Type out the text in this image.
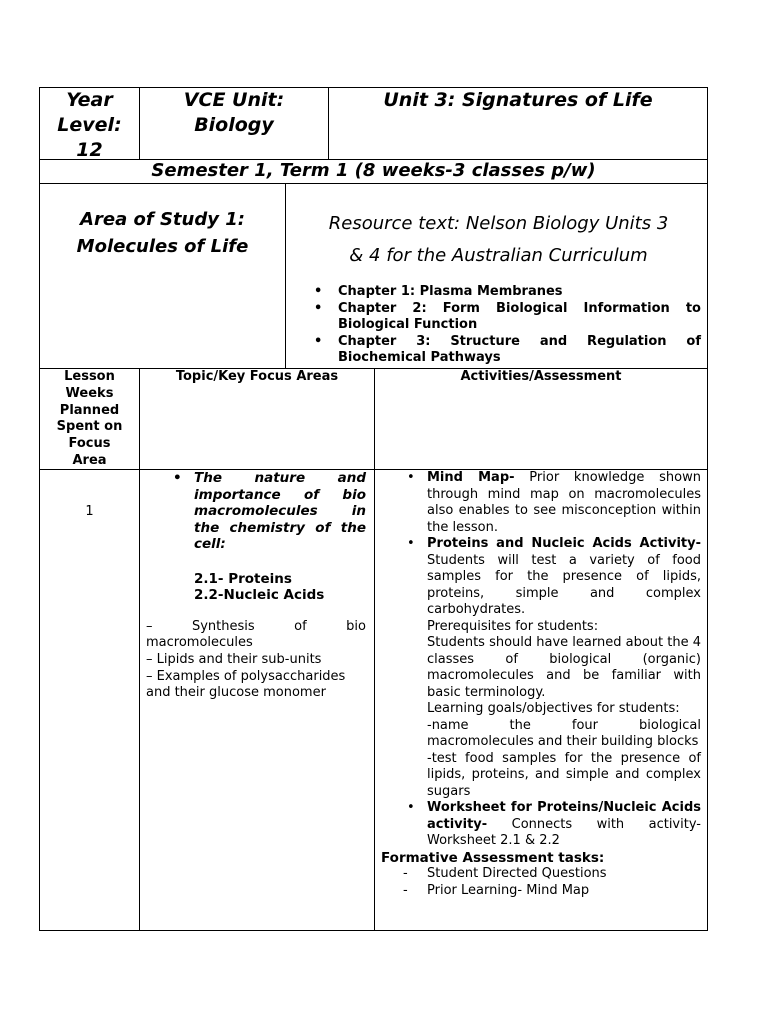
Year
Level:
12
VCE Unit:
Biology
Unit 3: Signatures of Life
Semester 1, Term 1 (8 weeks-3 classes p/w)
Area of Study 1:
Molecules of Life
Resource text: Nelson Biology Units 3
& 4 for the Australian Curriculum
• Chapter 1: Plasma Membranes
• Chapter 2: Form Biological Information to Biological Function
• Chapter 3: Structure and Regulation of Biochemical Pathways
Lesson
Weeks
Planned
Spent on
Focus
Area
Topic/Key Focus Areas	Activities/Assessment
1
• The nature and importance of bio macromolecules in the chemistry of the cell:
2.1- Proteins
2.2-Nucleic Acids
– Synthesis of bio macromolecules
– Lipids and their sub-units
– Examples of polysaccharides and their glucose monomer
• Mind Map- Prior knowledge shown through mind map on macromolecules also enables to see misconception within the lesson.
• Proteins and Nucleic Acids Activity- Students will test a variety of food samples for the presence of lipids, proteins, simple and complex carbohydrates.
Prerequisites for students:
Students should have learned about the 4 classes of biological (organic) macromolecules and be familiar with basic terminology.
Learning goals/objectives for students:
-name the four biological macromolecules and their building blocks
-test food samples for the presence of lipids, proteins, and simple and complex sugars
• Worksheet for Proteins/Nucleic Acids activity- Connects with activity- Worksheet 2.1 & 2.2
Formative Assessment tasks:
- Student Directed Questions
- Prior Learning- Mind Map
